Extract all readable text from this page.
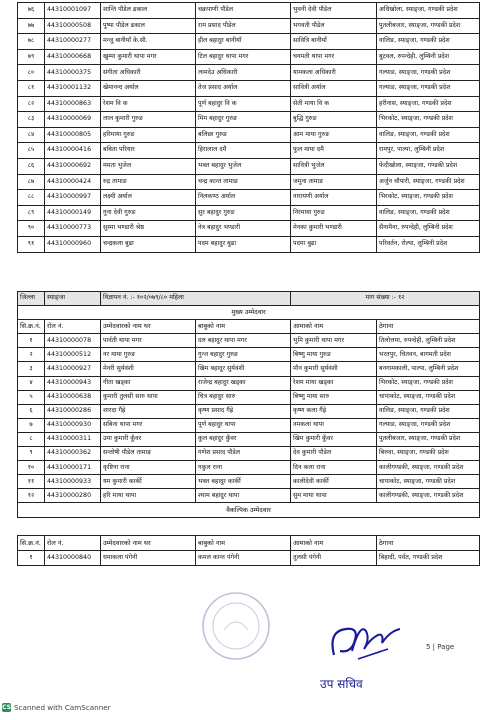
७६	44310001097	शान्ति पौडेल ढकाल	चक्रपाणी पौडेल	भुवनी देवी पौडेल	अधिखोला, स्याङ्जा, गण्डकी प्रदेश
७७	44310000508	पुष्पा पौडेल ढकाल	राम प्रसाद पौडेल	भगवती पौडेल	पुतलीबजार, स्याङ्जा, गण्डकी प्रदेश
७८	44310000277	मन्जु बानीयाँ के.सी.	हील बहादुर बानीयाँ	सावित्रि बानीयाँ	वालिङ, स्याङ्जा, गण्डकी प्रदेश
७९	44310000668	खुम्मा कुमारी थापा मगर	टिल बहादुर थापा मगर	चनमती थापा मगर	बुटवल, रुपन्देही, लुम्बिनी प्रदेश
८०	44310000375	संगीता अधिकारी	लामदेउ अधिकारी	यामकला अधिकारी	गल्याङ, स्याङ्जा, गण्डकी प्रदेश
८१	44310001132	खेमानन्द अर्याल	तेज प्रसाद अर्याल	सावित्री अर्याल	गल्याङ, स्याङ्जा, गण्डकी प्रदेश
८२	44310000863	रेशम वि क	पूर्ण बहादुर वि क	सेती माया वि क	हरीनास, स्याङ्जा, गण्डकी प्रदेश
८३	44310000069	लाल कुमारी गुरुङ	मिम बहादुर गुरुङ	बुद्धि गुरुङ	भिरकोट, स्याङ्जा, गण्डकी प्रदेश
८४	44310000805	हरिमाया गुरुङ	बलिछा गुरुङ	आम माया गुरुङ	वालिङ, स्याङ्जा, गण्डकी प्रदेश
८५	44310000416	बबिता परियार	हिरालाल दमै	फुल माया दमै	रामपुर, पाल्पा, लुम्बिनी प्रदेश
८६	44310000692	ममता भुजेल	भक्त बहादुर भुजेल	सावित्री भुजेल	फेदीखोला, स्याङ्जा, गण्डकी प्रदेश
८७	44310000424	रुद्र तामाङ	चन्द्र कान्त तामाङ	जमुना तामाङ	अर्जुन चौपारी, स्याङ्जा, गण्डकी प्रदेश
८८	44310000997	लक्ष्मी अर्याल	निलकण्ठ अर्याल	नारायणी अर्याल	भिरकोट, स्याङ्जा, गण्डकी प्रदेश
८९	44310000149	गुना देवी गुरुङ	सुर बहादुर गुरुङ	निरमाया गुरुङ	वालिङ, स्याङ्जा, गण्डकी प्रदेश
९०	44310000773	सुस्मा भण्डारी श्रेष्ठ	नेत्र बहादुर भण्डारी	मेनका कुमारी भण्डारी	सैनामैना, रुपन्देही, लुम्बिनी प्रदेश
९१	44310000960	चन्द्रकला बुढा	पदम बहादुर बुढा	पदमा बुढा	परिवर्तन, रोल्पा, लुम्बिनी प्रदेश
जिल्ला	स्याङ्जा	विज्ञापन नं. :- १०२/०७९/८० महिला		माग संख्या :- १२	
मुख्य उम्मेदवार					
सि.क्र.नं.	रोल नं.	उम्मेदवारको नाम थर	बाबुको नाम	आमाको नाम	ठेगाना
१	44310000078	पार्वती थापा मगर	दल बहादुर थापा मगर	भुमि कुमारी थापा मगर	तिलोत्तमा, रुपन्देही, लुम्बिनी प्रदेश
२	44310000512	नर माया गुरुङ	गुन्ज बहादुर गुरुङ	बिष्णु माया गुरुङ	भरतपुर, चितवन, बागमती प्रदेश
३	44310000927	मेनरी सुर्यवंशी	खिम बहादुर सुर्यवंशी	मौन कुमारी सुर्यवंशी	बनगामकाली, पाल्पा, लुम्बिनी प्रदेश
४	44310000943	गीता खड्का	राजेन्द्र बहादुर खड्का	रेशम माया खड्का	भिरकोट, स्याङ्जा, गण्डकी प्रदेश
५	44310000638	कुमारी तुलसी सारु थापा	चित्र बहादुर सारु	बिष्णु माया सारु	चापाकोट, स्याङ्जा, गण्डकी प्रदेश
६	44310000286	शारदा गैंह्रे	कृष्ण प्रसाद गैंह्रे	कृष्ण कला गैंह्रे	वालिङ, स्याङ्जा, गण्डकी प्रदेश
७	44310000930	सबिना थापा मगर	पूर्ण बहादुर थापा	नमकला थापा	गल्याङ, स्याङ्जा, गण्डकी प्रदेश
८	44310000311	उमा कुमारी कुँवर	कुल बहादुर कुँवर	खिम कुमारी कुँवर	पुतलीबजार, स्याङ्जा, गण्डकी प्रदेश
९	44310000362	सन्तोषी पौडेल तामाङ	गणेश प्रसाद पौडेल	देव कुमारी पौडेल	बिरुवा, स्याङ्जा, गण्डकी प्रदेश
१०	44310000171	कृष्टिना राना	गकुल राना	दिन कला राना	कालीगण्डकी, स्याङ्जा, गण्डकी प्रदेश
११	44310000933	यम कुमारी कार्की	भक्त बहादुर कार्की	कालीदेवी कार्की	चापाकोट, स्याङ्जा, गण्डकी प्रदेश
१२	44310000280	हरि माया थापा	श्याम बहादुर थापा	सुम माया थापा	कालीगण्डकी, स्याङ्जा, गण्डकी प्रदेश
वैकल्पिक उम्मेदवार					
सि.क्र.नं.	रोल नं.	उम्मेदवारको नाम थर	बाबुको नाम	आमाको नाम	ठेगाना
१	44310000840	धमाकला पंगेनी	कमल कान्त पंगेनी	तुलसी पंगेनी	बिहादी, पर्वत, गण्डकी प्रदेश
5 | Page
उप सचिव
CS Scanned with CamScanner
